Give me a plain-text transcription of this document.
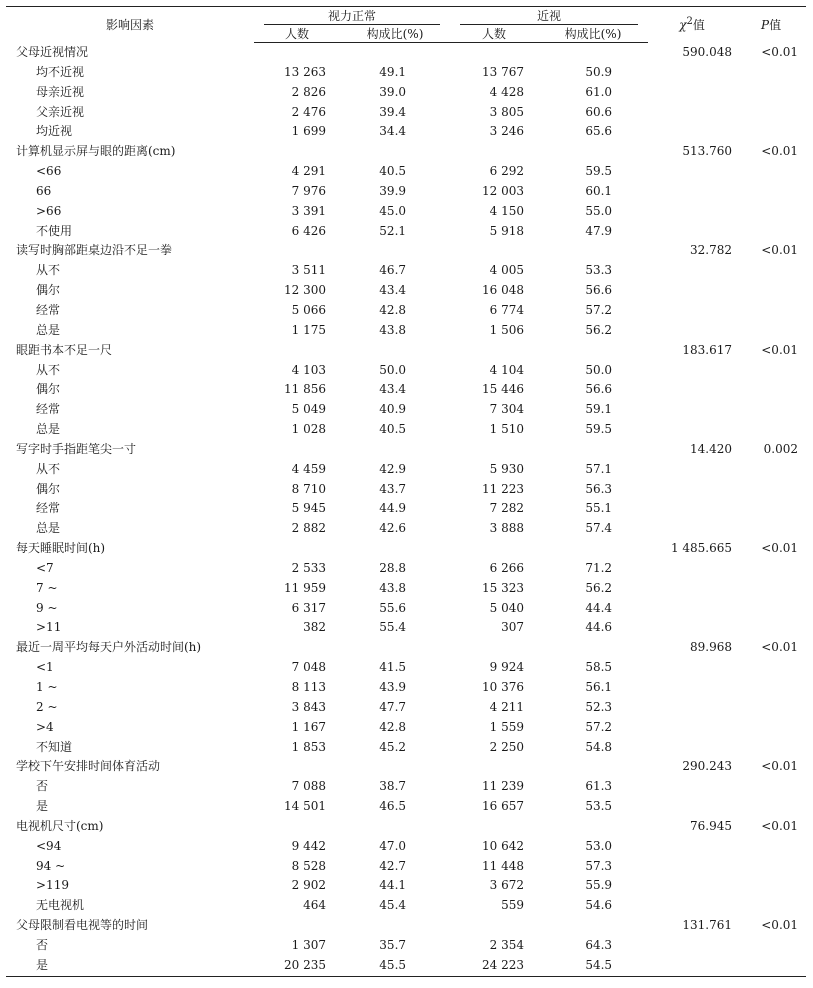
影响因素	视力正常		近视		$\chi^2$值	P值
	人数	构成比(%)	人数	构成比(%)		
父母近视情况					590.048	<0.01
均不近视	13 263	49.1	13 767	50.9		
母亲近视	2 826	39.0	4 428	61.0		
父亲近视	2 476	39.4	3 805	60.6		
均近视	1 699	34.4	3 246	65.6		
计算机显示屏与眼的距离(cm)					513.760	<0.01
<66	4 291	40.5	6 292	59.5		
66	7 976	39.9	12 003	60.1		
>66	3 391	45.0	4 150	55.0		
不使用	6 426	52.1	5 918	47.9		
读写时胸部距桌边沿不足一拳					32.782	<0.01
从不	3 511	46.7	4 005	53.3		
偶尔	12 300	43.4	16 048	56.6		
经常	5 066	42.8	6 774	57.2		
总是	1 175	43.8	1 506	56.2		
眼距书本不足一尺					183.617	<0.01
从不	4 103	50.0	4 104	50.0		
偶尔	11 856	43.4	15 446	56.6		
经常	5 049	40.9	7 304	59.1		
总是	1 028	40.5	1 510	59.5		
写字时手指距笔尖一寸					14.420	0.002
从不	4 459	42.9	5 930	57.1		
偶尔	8 710	43.7	11 223	56.3		
经常	5 945	44.9	7 282	55.1		
总是	2 882	42.6	3 888	57.4		
每天睡眠时间(h)					1 485.665	<0.01
<7	2 533	28.8	6 266	71.2		
7 ~	11 959	43.8	15 323	56.2		
9 ~	6 317	55.6	5 040	44.4		
>11	382	55.4	307	44.6		
最近一周平均每天户外活动时间(h)					89.968	<0.01
<1	7 048	41.5	9 924	58.5		
1 ~	8 113	43.9	10 376	56.1		
2 ~	3 843	47.7	4 211	52.3		
>4	1 167	42.8	1 559	57.2		
不知道	1 853	45.2	2 250	54.8		
学校下午安排时间体育活动					290.243	<0.01
否	7 088	38.7	11 239	61.3		
是	14 501	46.5	16 657	53.5		
电视机尺寸(cm)					76.945	<0.01
<94	9 442	47.0	10 642	53.0		
94 ~	8 528	42.7	11 448	57.3		
>119	2 902	44.1	3 672	55.9		
无电视机	464	45.4	559	54.6		
父母限制看电视等的时间					131.761	<0.01
否	1 307	35.7	2 354	64.3		
是	20 235	45.5	24 223	54.5		
